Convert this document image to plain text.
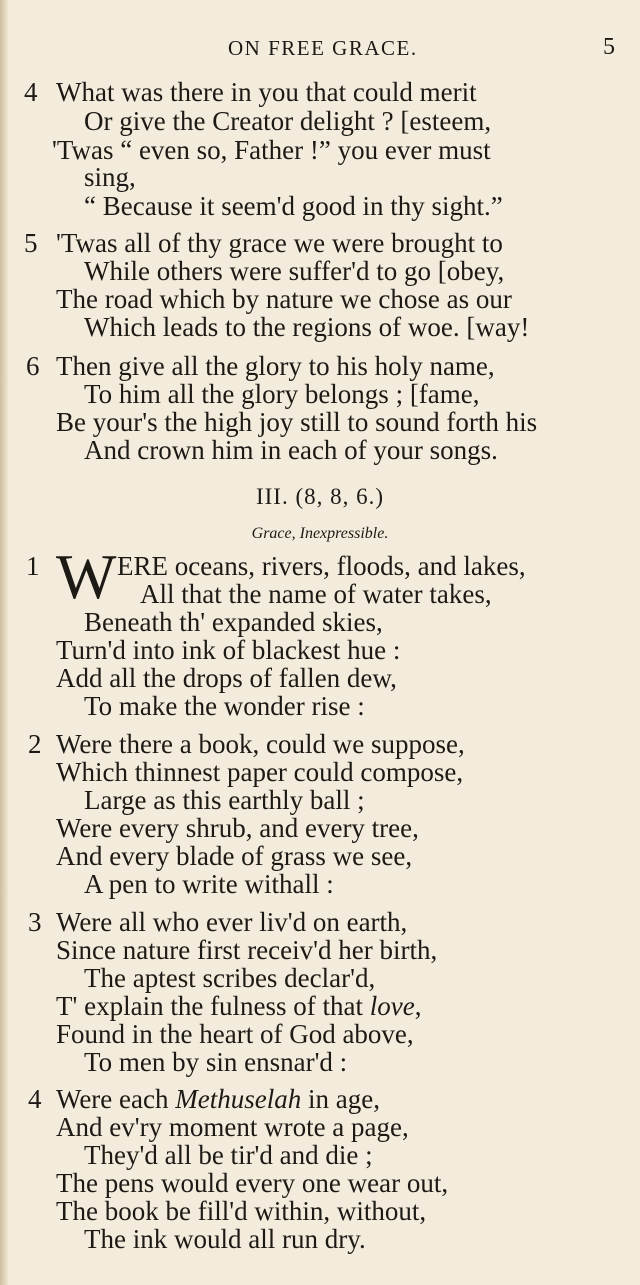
ON FREE GRACE.	5
4 What was there in you that could merit
Or give the Creator delight ? [esteem,
'Twas “ even so, Father !” you ever must
sing,
“ Because it seem'd good in thy sight.”
5 'Twas all of thy grace we were brought to
While others were suffer'd to go [obey,
The road which by nature we chose as our
Which leads to the regions of woe. [way!
6 Then give all the glory to his holy name,
To him all the glory belongs ; [fame,
Be your's the high joy still to sound forth his
And crown him in each of your songs.
III. (8, 8, 6.)
Grace, Inexpressible.
1 W ERE oceans, rivers, floods, and lakes,
All that the name of water takes,
Beneath th' expanded skies,
Turn'd into ink of blackest hue :
Add all the drops of fallen dew,
To make the wonder rise :
2 Were there a book, could we suppose,
Which thinnest paper could compose,
Large as this earthly ball ;
Were every shrub, and every tree,
And every blade of grass we see,
A pen to write withall :
3 Were all who ever liv'd on earth,
Since nature first receiv'd her birth,
The aptest scribes declar'd,
T' explain the fulness of that love,
Found in the heart of God above,
To men by sin ensnar'd :
4 Were each Methuselah in age,
And ev'ry moment wrote a page,
They'd all be tir'd and die ;
The pens would every one wear out,
The book be fill'd within, without,
The ink would all run dry.
